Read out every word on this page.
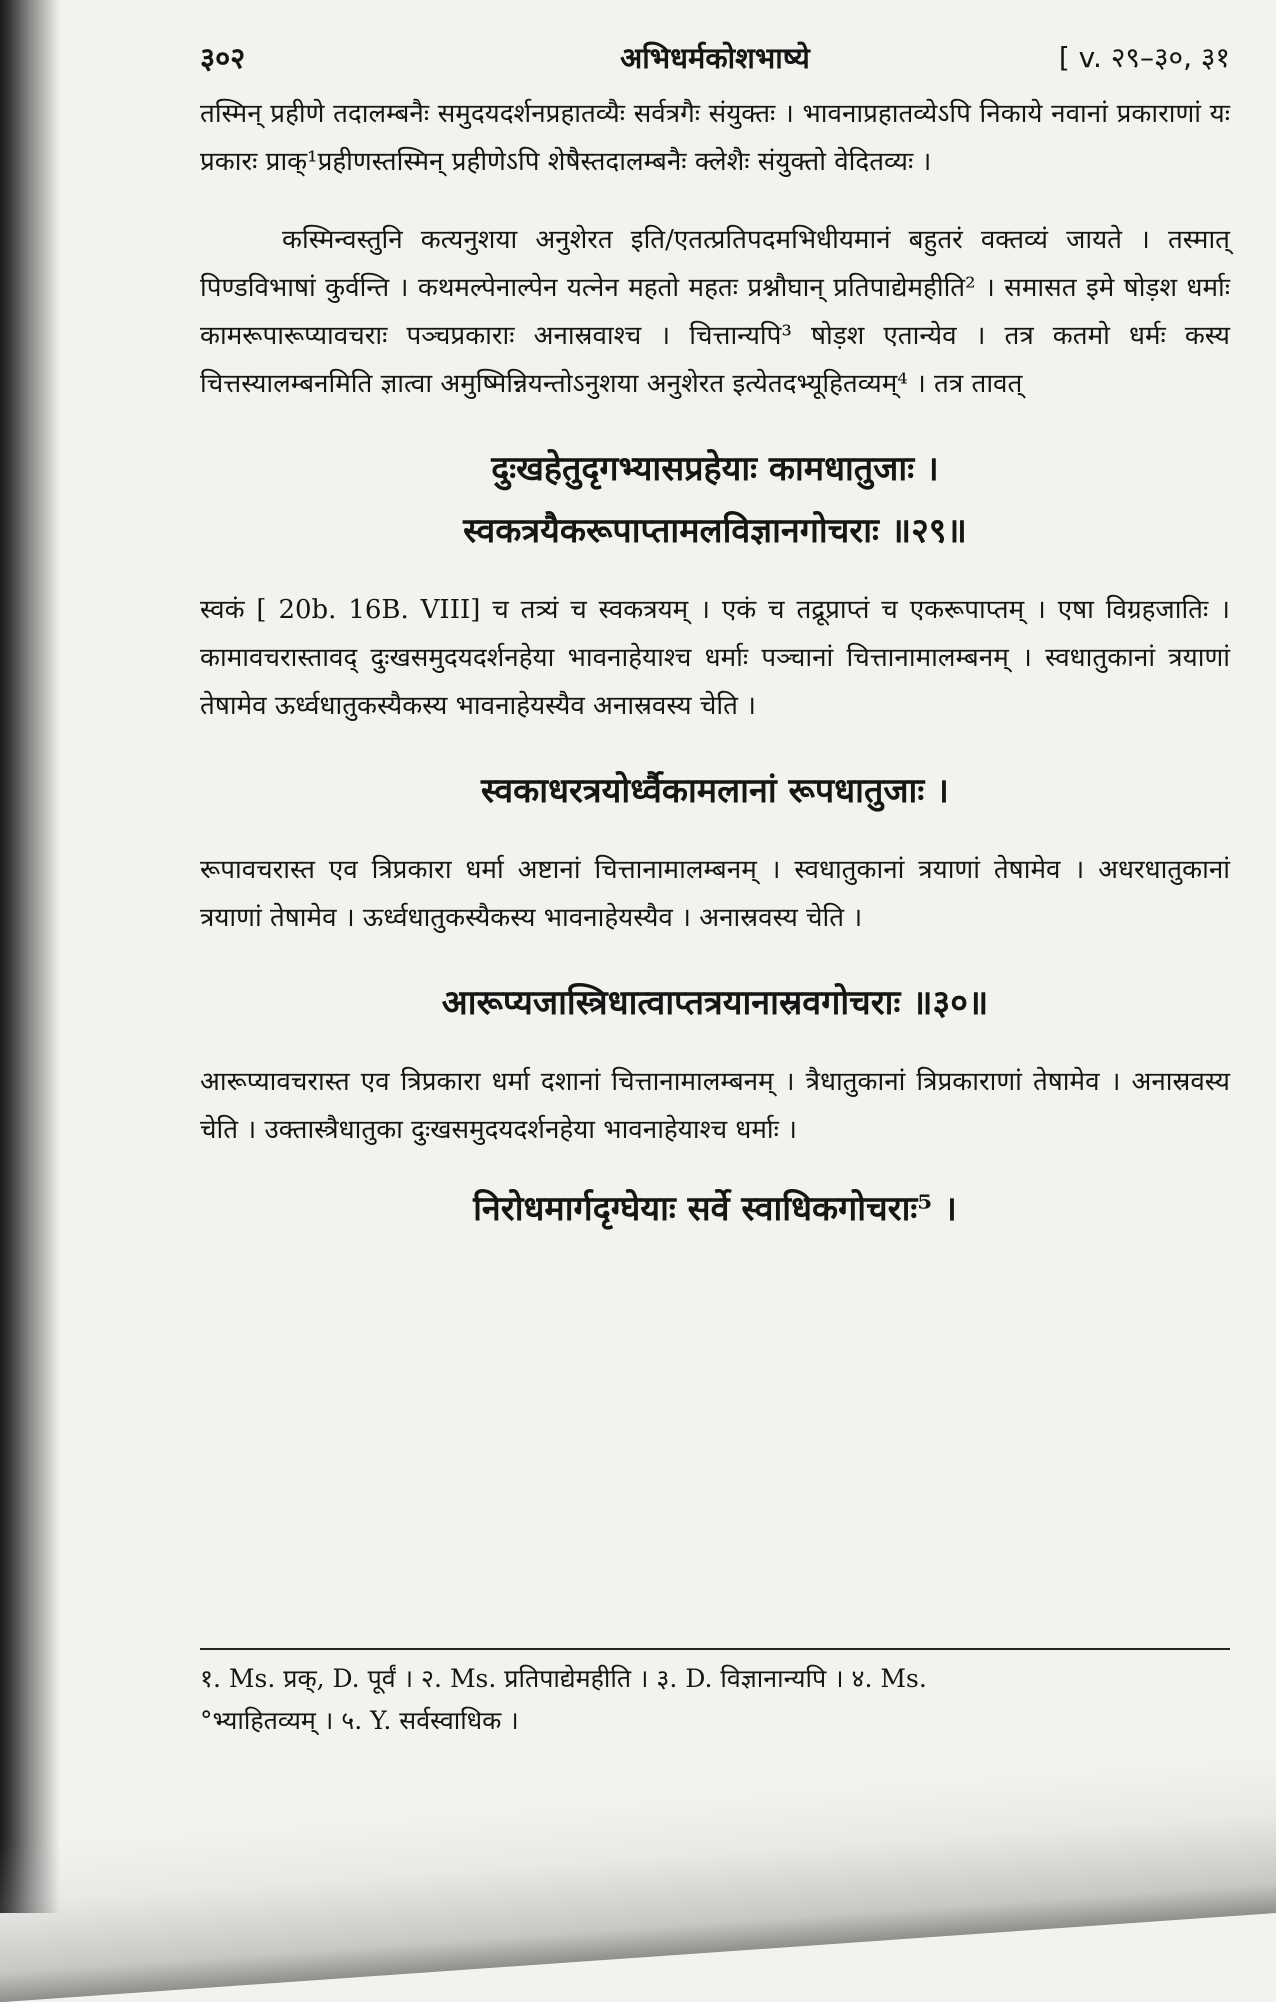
३०२	अभिधर्मकोशभाष्ये	[ v. २९–३०, ३१

तस्मिन् प्रहीणे तदालम्बनैः समुदयदर्शनप्रहातव्यैः सर्वत्रगैः संयुक्तः । भावनाप्रहातव्येऽपि निकाये नवानां प्रकाराणां यः प्रकारः प्राक्¹प्रहीणस्तस्मिन् प्रहीणेऽपि शेषैस्तदालम्बनैः क्लेशैः संयुक्तो वेदितव्यः ।

कस्मिन्वस्तुनि कत्यनुशया अनुशेरत इति/एतत्प्रतिपदमभिधीयमानं बहुतरं वक्तव्यं जायते । तस्मात् पिण्डविभाषां कुर्वन्ति । कथमल्पेनाल्पेन यत्नेन महतो महतः प्रश्नौघान् प्रतिपाद्येमहीति² । समासत इमे षोड़श धर्माः कामरूपारूप्यावचराः पञ्चप्रकाराः अनास्रवाश्च । चित्तान्यपि³ षोड़श एतान्येव । तत्र कतमो धर्मः कस्य चित्तस्यालम्बनमिति ज्ञात्वा अमुष्मिन्नियन्तोऽनुशया अनुशेरत इत्येतदभ्यूहितव्यम्⁴ । तत्र तावत्

दुःखहेतुदृगभ्यासप्रहेयाः कामधातुजाः ।

स्वकत्रयैकरूपाप्तामलविज्ञानगोचराः ॥२९॥

स्वकं [ 20b. 16B. VIII] च तत्र्यं च स्वकत्रयम् । एकं च तद्रूप्राप्तं च एकरूपाप्तम् । एषा विग्रहजातिः । कामावचरास्तावद् दुःखसमुदयदर्शनहेया भावनाहेयाश्च धर्माः पञ्चानां चित्तानामालम्बनम् । स्वधातुकानां त्रयाणां तेषामेव ऊर्ध्वधातुकस्यैकस्य भावनाहेयस्यैव अनास्रवस्य चेति ।

स्वकाधरत्रयोर्ध्वैकामलानां रूपधातुजाः ।

रूपावचरास्त एव त्रिप्रकारा धर्मा अष्टानां चित्तानामालम्बनम् । स्वधातुकानां त्रयाणां तेषामेव । अधरधातुकानां त्रयाणां तेषामेव । ऊर्ध्वधातुकस्यैकस्य भावनाहेयस्यैव । अनास्रवस्य चेति ।

आरूप्यजास्त्रिधात्वाप्तत्रयानास्रवगोचराः ॥३०॥

आरूप्यावचरास्त एव त्रिप्रकारा धर्मा दशानां चित्तानामालम्बनम् । त्रैधातुकानां त्रिप्रकाराणां तेषामेव । अनास्रवस्य चेति । उक्तास्त्रैधातुका दुःखसमुदयदर्शनहेया भावनाहेयाश्च धर्माः ।

निरोधमार्गदृग्घेयाः सर्वे स्वाधिकगोचराः⁵ ।

१. Ms. प्रक्, D. पूर्वं । २. Ms. प्रतिपाद्येमहीति । ३. D. विज्ञानान्यपि । ४. Ms.
°भ्याहितव्यम् । ५. Y. सर्वस्वाधिक ।
